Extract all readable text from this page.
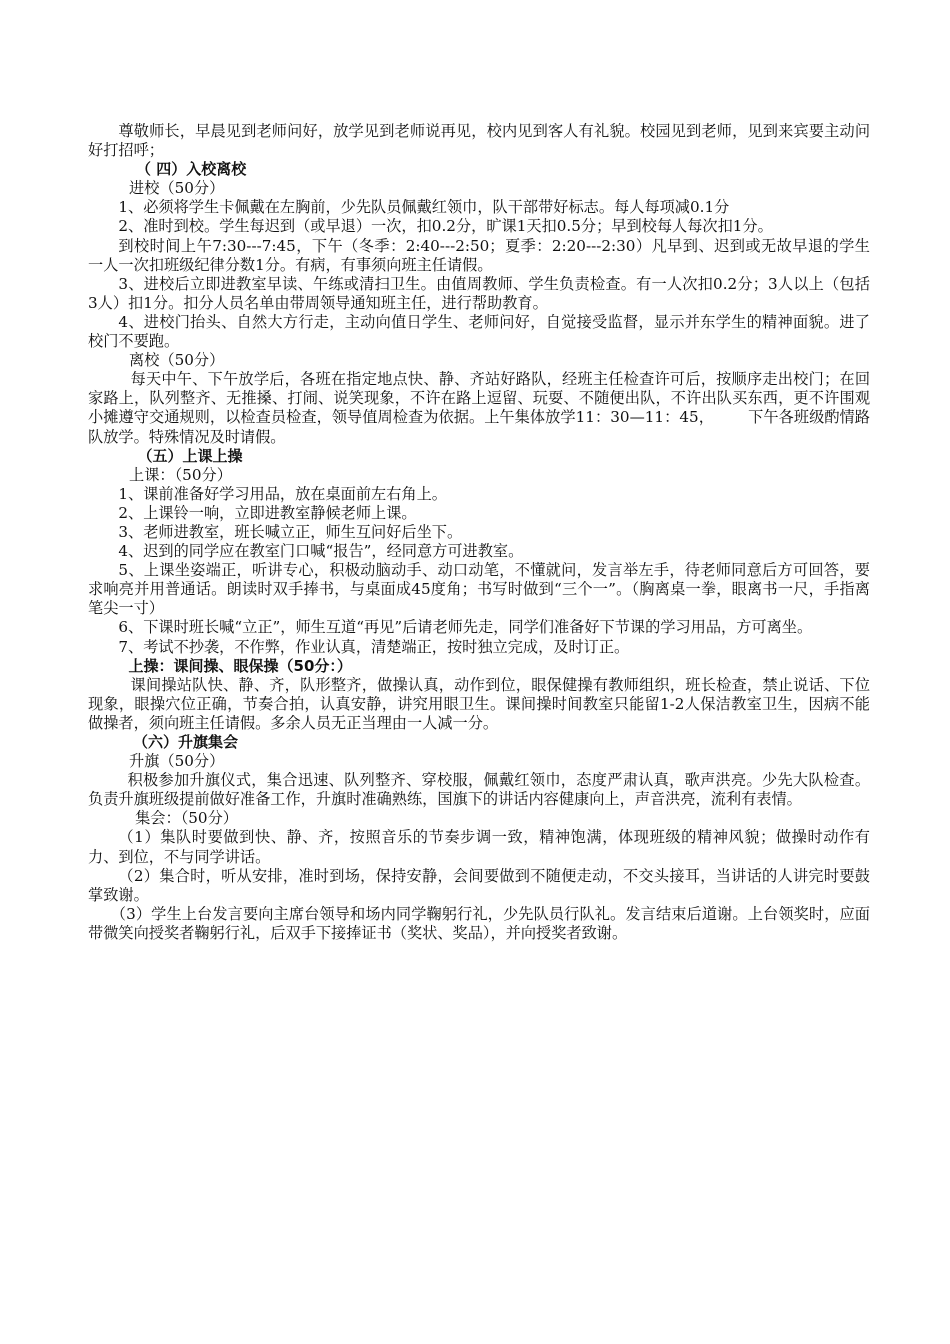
尊敬师长，早晨见到老师问好，放学见到老师说再见，校内见到客人有礼貌。校园见到老师，见到来宾要主动问好打招呼；

（ 四）入校离校

进校（50分）

1、必须将学生卡佩戴在左胸前，少先队员佩戴红领巾，队干部带好标志。每人每项减0.1分

2、准时到校。学生每迟到（或早退）一次，扣0.2分，旷课1天扣0.5分；早到校每人每次扣1分。

到校时间上午7:30---7:45，下午（冬季：2:40---2:50；夏季：2:20---2:30）凡早到、迟到或无故早退的学生一人一次扣班级纪律分数1分。有病，有事须向班主任请假。

3、进校后立即进教室早读、午练或清扫卫生。由值周教师、学生负责检查。有一人次扣0.2分；3人以上（包括3人）扣1分。扣分人员名单由带周领导通知班主任，进行帮助教育。

4、进校门抬头、自然大方行走，主动向值日学生、老师问好，自觉接受监督，显示并东学生的精神面貌。进了校门不要跑。

离校（50分）

每天中午、下午放学后，各班在指定地点快、静、齐站好路队，经班主任检查许可后，按顺序走出校门；在回家路上，队列整齐、无推搡、打闹、说笑现象，不许在路上逗留、玩耍、不随便出队，不许出队买东西，更不许围观小摊遵守交通规则，以检查员检查，领导值周检查为依据。上午集体放学11：30—11：45，       下午各班级酌情路队放学。特殊情况及时请假。

（五）上课上操

上课：（50分）

1、课前准备好学习用品，放在桌面前左右角上。

2、上课铃一响，立即进教室静候老师上课。

3、老师进教室，班长喊立正，师生互问好后坐下。

4、迟到的同学应在教室门口喊“报告”，经同意方可进教室。

5、上课坐姿端正，听讲专心，积极动脑动手、动口动笔，不懂就问，发言举左手，待老师同意后方可回答，要求响亮并用普通话。朗读时双手捧书，与桌面成45度角；书写时做到“三个一”。（胸离桌一拳，眼离书一尺，手指离笔尖一寸）

6、下课时班长喊“立正”，师生互道“再见”后请老师先走，同学们准备好下节课的学习用品，方可离坐。

7、考试不抄袭，不作弊，作业认真，清楚端正，按时独立完成，及时订正。

上操：课间操、眼保操（50分：）

课间操站队快、静、齐，队形整齐，做操认真，动作到位，眼保健操有教师组织，班长检查，禁止说话、下位现象，眼操穴位正确，节奏合拍，认真安静，讲究用眼卫生。课间操时间教室只能留1-2人保洁教室卫生，因病不能做操者，须向班主任请假。多余人员无正当理由一人减一分。

（六）升旗集会

升旗（50分）

积极参加升旗仪式，集合迅速、队列整齐、穿校服，佩戴红领巾，态度严肃认真，歌声洪亮。少先大队检查。负责升旗班级提前做好准备工作，升旗时准确熟练，国旗下的讲话内容健康向上，声音洪亮，流利有表情。

集会：（50分）

（1）集队时要做到快、静、齐，按照音乐的节奏步调一致，精神饱满，体现班级的精神风貌；做操时动作有力、到位，不与同学讲话。

（2）集合时，听从安排，准时到场，保持安静，会间要做到不随便走动，不交头接耳，当讲话的人讲完时要鼓掌致谢。

（3）学生上台发言要向主席台领导和场内同学鞠躬行礼，少先队员行队礼。发言结束后道谢。上台领奖时，应面带微笑向授奖者鞠躬行礼，后双手下接捧证书（奖状、奖品），并向授奖者致谢。
